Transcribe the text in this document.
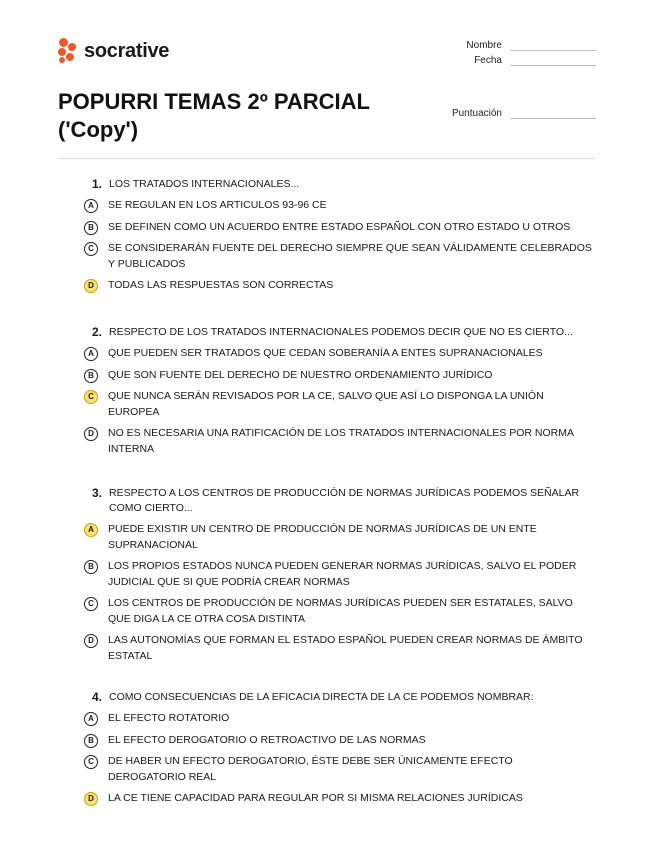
socrative
POPURRI TEMAS 2º PARCIAL
('Copy')
Nombre
Fecha
Puntuación
1. LOS TRATADOS INTERNACIONALES...
A	SE REGULAN EN LOS ARTICULOS 93-96 CE
B	SE DEFINEN COMO UN ACUERDO ENTRE ESTADO ESPAÑOL CON OTRO ESTADO U OTROS
C	SE CONSIDERARÁN FUENTE DEL DERECHO SIEMPRE QUE SEAN VÁLIDAMENTE CELEBRADOS Y PUBLICADOS
D	TODAS LAS RESPUESTAS SON CORRECTAS
2. RESPECTO DE LOS TRATADOS INTERNACIONALES PODEMOS DECIR QUE NO ES CIERTO...
A	QUE PUEDEN SER TRATADOS QUE CEDAN SOBERANÍA A ENTES SUPRANACIONALES
B	QUE SON FUENTE DEL DERECHO DE NUESTRO ORDENAMIENTO JURÍDICO
C	QUE NUNCA SERÁN REVISADOS POR LA CE, SALVO QUE ASÍ LO DISPONGA LA UNIÓN EUROPEA
D	NO ES NECESARIA UNA RATIFICACIÓN DE LOS TRATADOS INTERNACIONALES POR NORMA INTERNA
3. RESPECTO A LOS CENTROS DE PRODUCCIÓN DE NORMAS JURÍDICAS PODEMOS SEÑALAR COMO CIERTO...
A	PUEDE EXISTIR UN CENTRO DE PRODUCCIÓN DE NORMAS JURÍDICAS DE UN ENTE SUPRANACIONAL
B	LOS PROPIOS ESTADOS NUNCA PUEDEN GENERAR NORMAS JURÍDICAS, SALVO EL PODER JUDICIAL QUE SI QUE PODRÍA CREAR NORMAS
C	LOS CENTROS DE PRODUCCIÓN DE NORMAS JURÍDICAS PUEDEN SER ESTATALES, SALVO QUE DIGA LA CE OTRA COSA DISTINTA
D	LAS AUTONOMÍAS QUE FORMAN EL ESTADO ESPAÑOL PUEDEN CREAR NORMAS DE ÁMBITO ESTATAL
4. COMO CONSECUENCIAS DE LA EFICACIA DIRECTA DE LA CE PODEMOS NOMBRAR:
A	EL EFECTO ROTATORIO
B	EL EFECTO DEROGATORIO O RETROACTIVO DE LAS NORMAS
C	DE HABER UN EFECTO DEROGATORIO, ÉSTE DEBE SER ÚNICAMENTE EFECTO DEROGATORIO REAL
D	LA CE TIENE CAPACIDAD PARA REGULAR POR SI MISMA RELACIONES JURÍDICAS
